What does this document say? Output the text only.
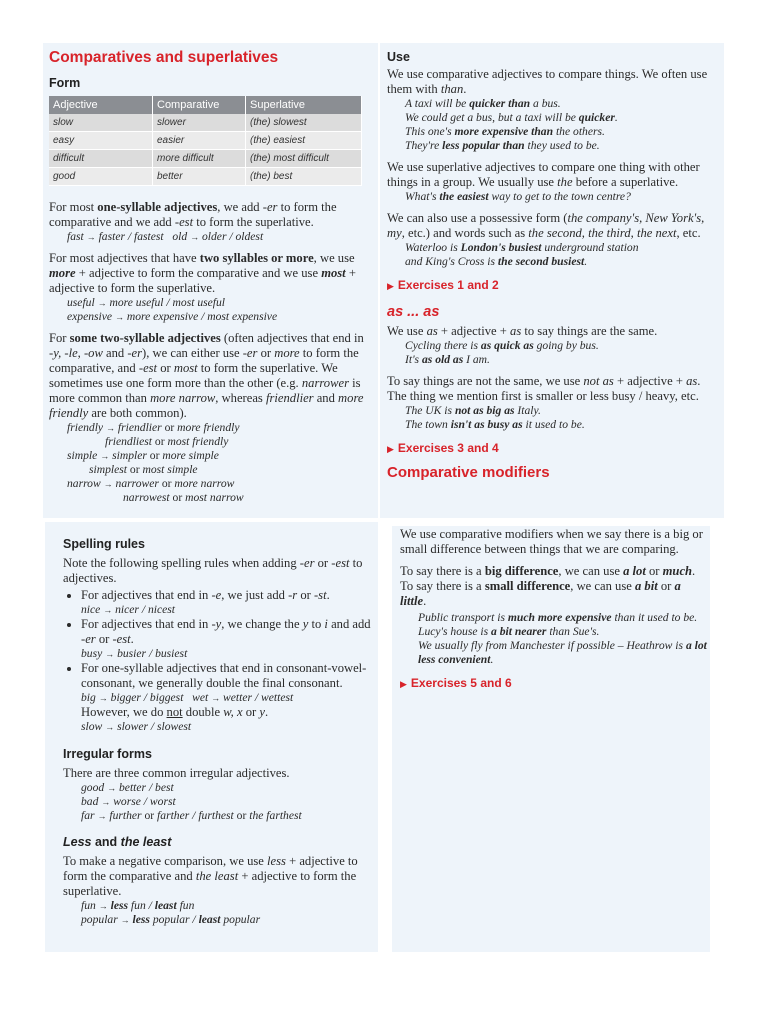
Comparatives and superlatives
Form
Adjective	Comparative	Superlative
slow	slower	(the) slowest
easy	easier	(the) easiest
difficult	more difficult	(the) most difficult
good	better	(the) best

For most one-syllable adjectives, we add -er to form the comparative and we add -est to form the superlative.

fast → faster / fastest old → older / oldest

For most adjectives that have two syllables or more, we use more + adjective to form the comparative and we use most + adjective to form the superlative.

useful → more useful / most useful

expensive → more expensive / most expensive

For some two-syllable adjectives (often adjectives that end in -y, -le, -ow and -er), we can either use -er or more to form the comparative, and -est or most to form the superlative. We sometimes use one form more than the other (e.g. narrower is more common than more narrow, whereas friendlier and more friendly are both common).

friendly → friendlier or more friendly

friendliest or most friendly

simple → simpler or more simple

simplest or most simple

narrow → narrower or more narrow

narrowest or most narrow

Use

We use comparative adjectives to compare things. We often use them with than.

A taxi will be quicker than a bus.

We could get a bus, but a taxi will be quicker.

This one's more expensive than the others.

They're less popular than they used to be.

We use superlative adjectives to compare one thing with other things in a group. We usually use the before a superlative.

What's the easiest way to get to the town centre?

We can also use a possessive form (the company's, New York's, my, etc.) and words such as the second, the third, the next, etc.

Waterloo is London's busiest underground station

and King's Cross is the second busiest.

▶ Exercises 1 and 2
as ... as

We use as + adjective + as to say things are the same.

Cycling there is as quick as going by bus.

It's as old as I am.

To say things are not the same, we use not as + adjective + as. The thing we mention first is smaller or less busy / heavy, etc.

The UK is not as big as Italy.

The town isn't as busy as it used to be.

▶ Exercises 3 and 4
Comparative modifiers
Spelling rules

Note the following spelling rules when adding -er or -est to adjectives.

• For adjectives that end in -e, we just add -r or -st.
nice → nicer / nicest
• For adjectives that end in -y, we change the y to i and add -er or -est.
busy → busier / busiest
• For one-syllable adjectives that end in consonant-vowel-consonant, we generally double the final consonant.
big → bigger / biggest wet → wetter / wettest
However, we do not double w, x or y.
slow → slower / slowest
Irregular forms

There are three common irregular adjectives.

good → better / best

bad → worse / worst

far → further or farther / furthest or the farthest

Less and the least

To make a negative comparison, we use less + adjective to form the comparative and the least + adjective to form the superlative.

fun → less fun / least fun

popular → less popular / least popular

We use comparative modifiers when we say there is a big or small difference between things that we are comparing.

To say there is a big difference, we can use a lot or much.

To say there is a small difference, we can use a bit or a little.

Public transport is much more expensive than it used to be.

Lucy's house is a bit nearer than Sue's.

We usually fly from Manchester if possible – Heathrow is a lot less convenient.

▶ Exercises 5 and 6
